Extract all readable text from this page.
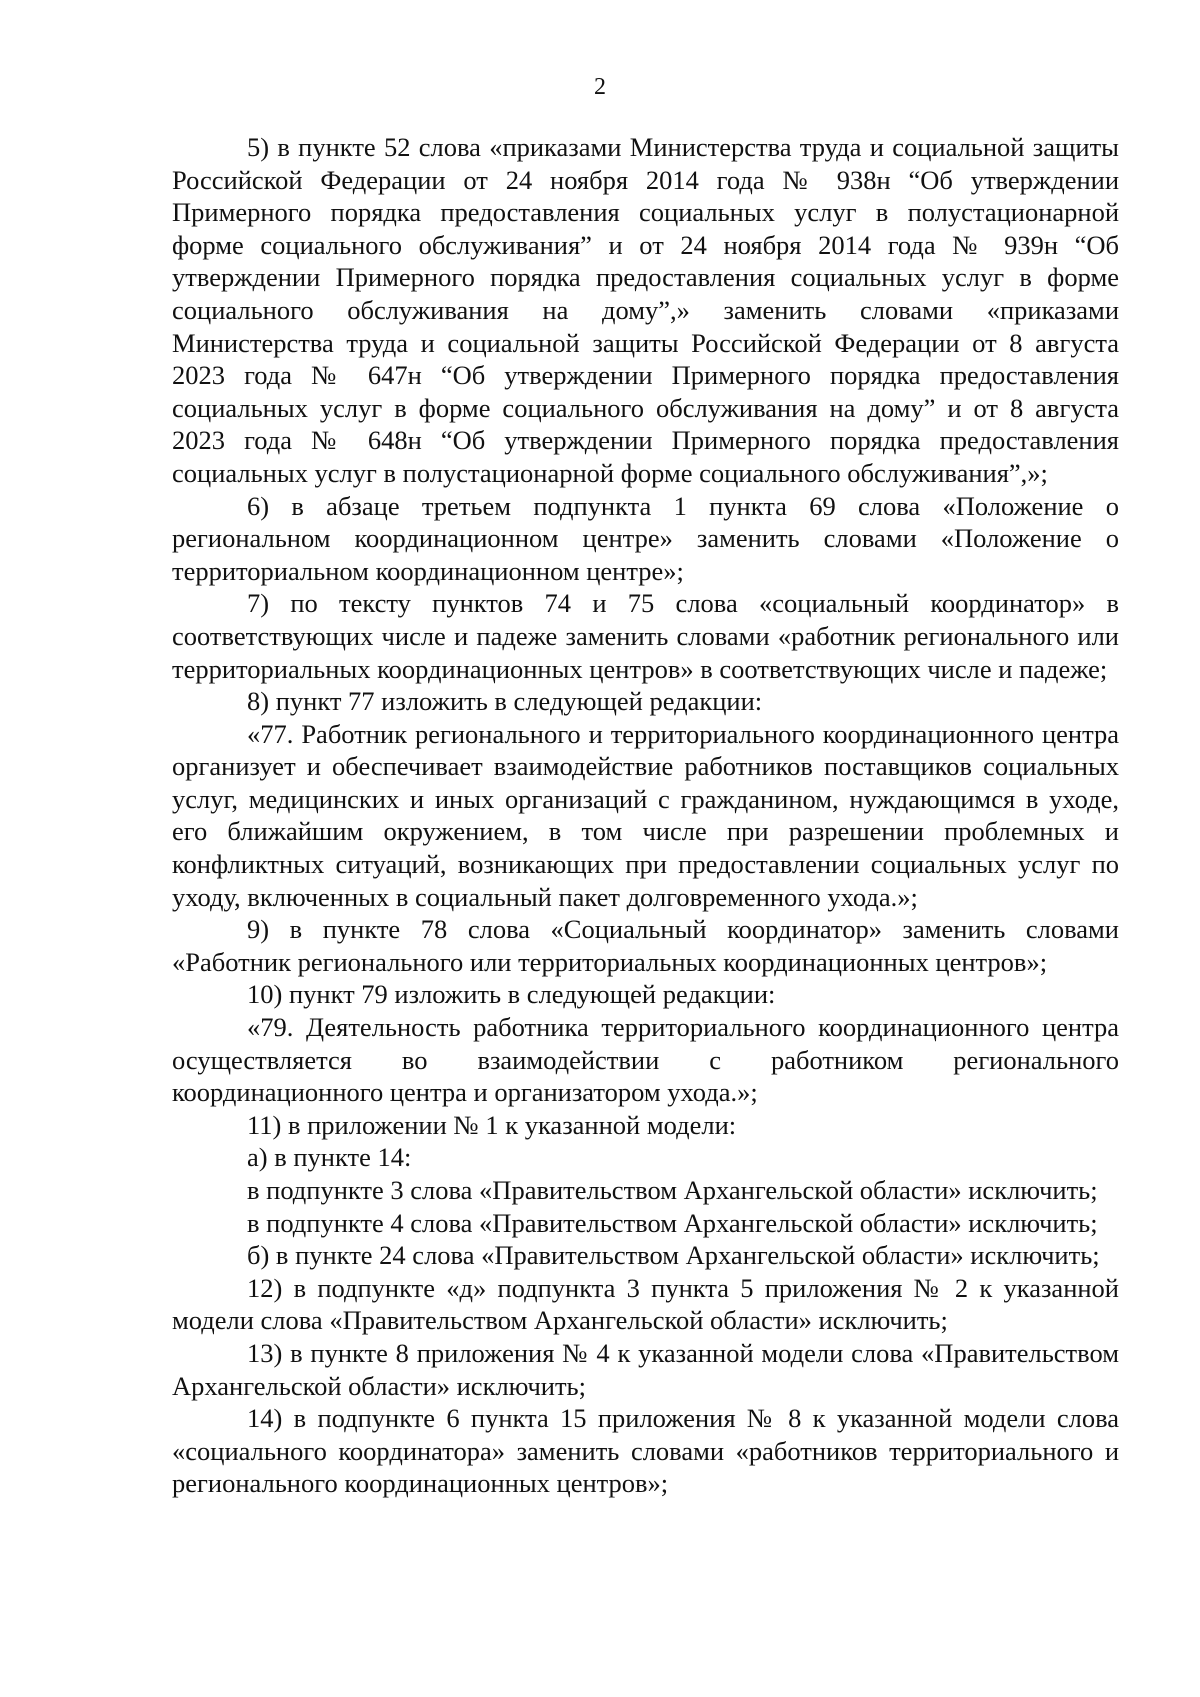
2

5) в пункте 52 слова «приказами Министерства труда и социальной защиты Российской Федерации от 24 ноября 2014 года № 938н “Об утверждении Примерного порядка предоставления социальных услуг в полустационарной форме социального обслуживания” и от 24 ноября 2014 года № 939н “Об утверждении Примерного порядка предоставления социальных услуг в форме социального обслуживания на дому”,» заменить словами «приказами Министерства труда и социальной защиты Российской Федерации от 8 августа 2023 года № 647н “Об утверждении Примерного порядка предоставления социальных услуг в форме социального обслуживания на дому” и от 8 августа 2023 года № 648н “Об утверждении Примерного порядка предоставления социальных услуг в полустационарной форме социального обслуживания”,»;

6) в абзаце третьем подпункта 1 пункта 69 слова «Положение о региональном координационном центре» заменить словами «Положение о территориальном координационном центре»;

7) по тексту пунктов 74 и 75 слова «социальный координатор» в соответствующих числе и падеже заменить словами «работник регионального или территориальных координационных центров» в соответствующих числе и падеже;

8) пункт 77 изложить в следующей редакции:

«77. Работник регионального и территориального координационного центра организует и обеспечивает взаимодействие работников поставщиков социальных услуг, медицинских и иных организаций с гражданином, нуждающимся в уходе, его ближайшим окружением, в том числе при разрешении проблемных и конфликтных ситуаций, возникающих при предоставлении социальных услуг по уходу, включенных в социальный пакет долговременного ухода.»;

9) в пункте 78 слова «Социальный координатор» заменить словами «Работник регионального или территориальных координационных центров»;

10) пункт 79 изложить в следующей редакции:

«79. Деятельность работника территориального координационного центра осуществляется во взаимодействии с работником регионального координационного центра и организатором ухода.»;

11) в приложении № 1 к указанной модели:

а) в пункте 14:

в подпункте 3 слова «Правительством Архангельской области» исключить;

в подпункте 4 слова «Правительством Архангельской области» исключить;

б) в пункте 24 слова «Правительством Архангельской области» исключить;

12) в подпункте «д» подпункта 3 пункта 5 приложения № 2 к указанной модели слова «Правительством Архангельской области» исключить;

13) в пункте 8 приложения № 4 к указанной модели слова «Правительством Архангельской области» исключить;

14) в подпункте 6 пункта 15 приложения № 8 к указанной модели слова «социального координатора» заменить словами «работников территориального и регионального координационных центров»;
